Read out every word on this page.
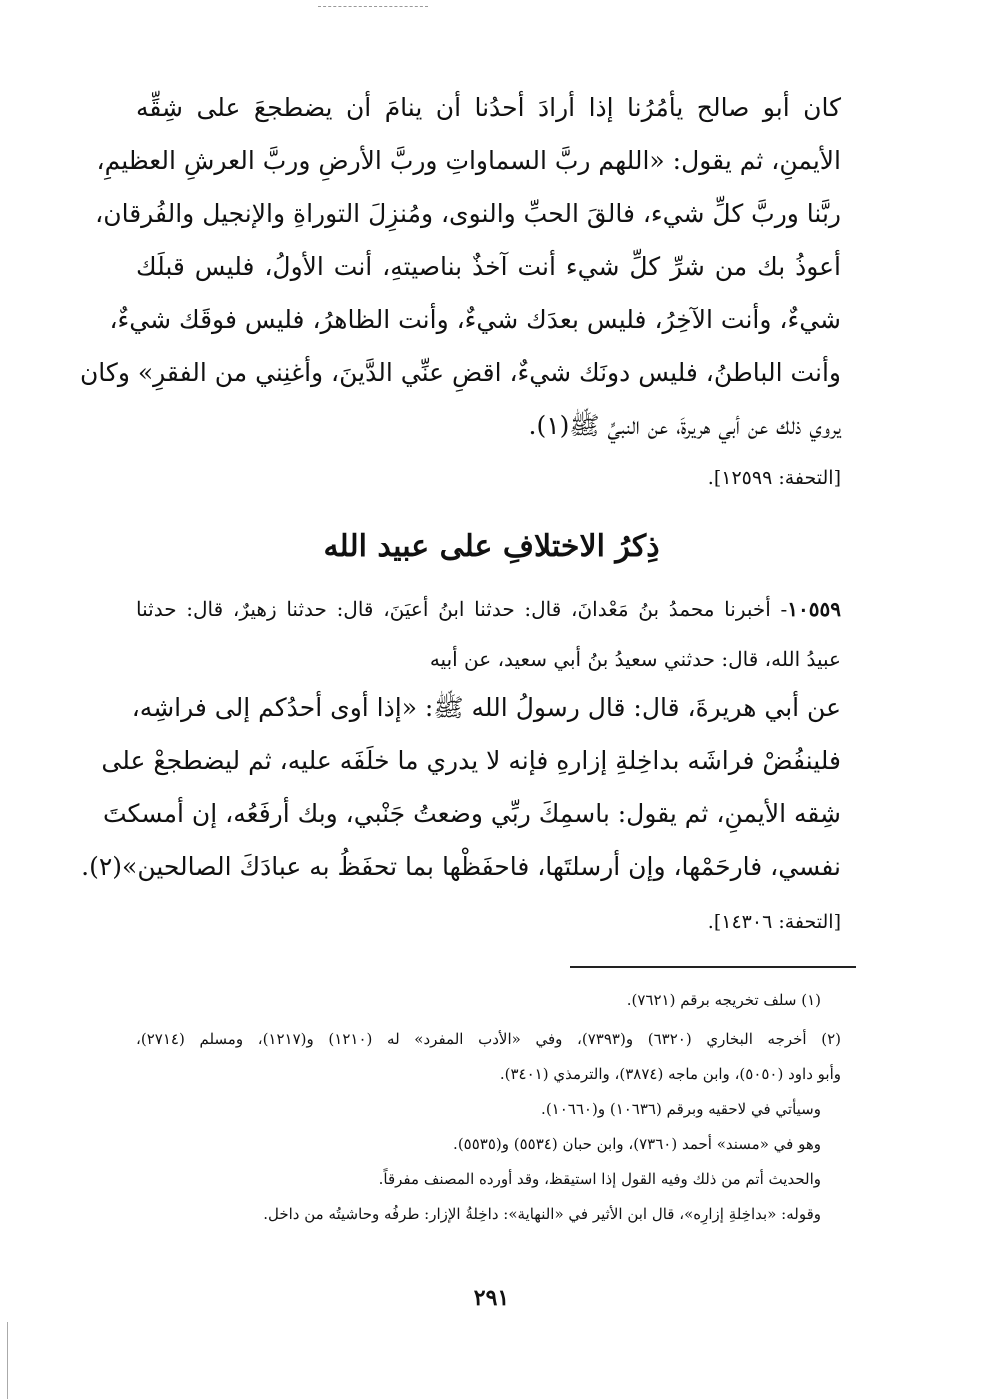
كان أبو صالح يأمُرُنا إذا أرادَ أحدُنا أن ينامَ أن يضطجعَ على شِقِّه
الأيمنِ، ثم يقول: «اللهم ربَّ السماواتِ وربَّ الأرضِ وربَّ العرشِ العظيمِ،
ربَّنا وربَّ كلِّ شيء، فالقَ الحبِّ والنوى، ومُنزِلَ التوراةِ والإنجيل والفُرقان،
أعوذُ بك من شرِّ كلِّ شيء أنت آخذٌ بناصيتهِ، أنت الأولُ، فليس قبلَك
شيءٌ، وأنت الآخِرُ، فليس بعدَك شيءٌ، وأنت الظاهرُ، فليس فوقَك شيءٌ،
وأنت الباطنُ، فليس دونَك شيءٌ، اقضِ عنِّي الدَّينَ، وأغنِني من الفقرِ» وكان
يروي ذلك عن أبي هريرةَ، عن النبيِّ ﷺ(١).
[التحفة: ١٢٥٩٩].
ذِكرُ الاختلافِ على عبيد الله
١٠٥٥٩- أخبرنا محمدُ بنُ مَعْدانَ، قال: حدثنا ابنُ أعيَنَ، قال: حدثنا زهيرٌ، قال: حدثنا
عبيدُ الله، قال: حدثني سعيدُ بنُ أبي سعيد، عن أبيه
عن أبي هريرةَ، قال: قال رسولُ الله ﷺ: «إذا أوى أحدُكم إلى فراشِه،
فلينفُضْ فراشَه بداخِلةِ إزارهِ فإنه لا يدري ما خلَفَه عليه، ثم ليضطجعْ على
شِقه الأيمنِ، ثم يقول: باسمِكَ ربِّي وضعتُ جَنْبي، وبك أرفَعُه، إن أمسكتَ
نفسي، فارحَمْها، وإن أرسلتَها، فاحفَظْها بما تحفَظُ به عبادَكَ الصالحين»(٢).
[التحفة: ١٤٣٠٦].
(١) سلف تخريجه برقم (٧٦٢١).
(٢) أخرجه البخاري (٦٣٢٠) و(٧٣٩٣)، وفي «الأدب المفرد» له (١٢١٠) و(١٢١٧)، ومسلم (٢٧١٤)،
وأبو داود (٥٠٥٠)، وابن ماجه (٣٨٧٤)، والترمذي (٣٤٠١).
وسيأتي في لاحقيه وبرقم (١٠٦٣٦) و(١٠٦٦٠).
وهو في «مسند» أحمد (٧٣٦٠)، وابن حبان (٥٥٣٤) و(٥٥٣٥).
والحديث أتم من ذلك وفيه القول إذا استيقظ، وقد أورده المصنف مفرقاً.
وقوله: «بداخِلةِ إزارِه»، قال ابن الأثير في «النهاية»: داخِلةُ الإزار: طرفُه وحاشيتُه من داخل.
٢٩١
